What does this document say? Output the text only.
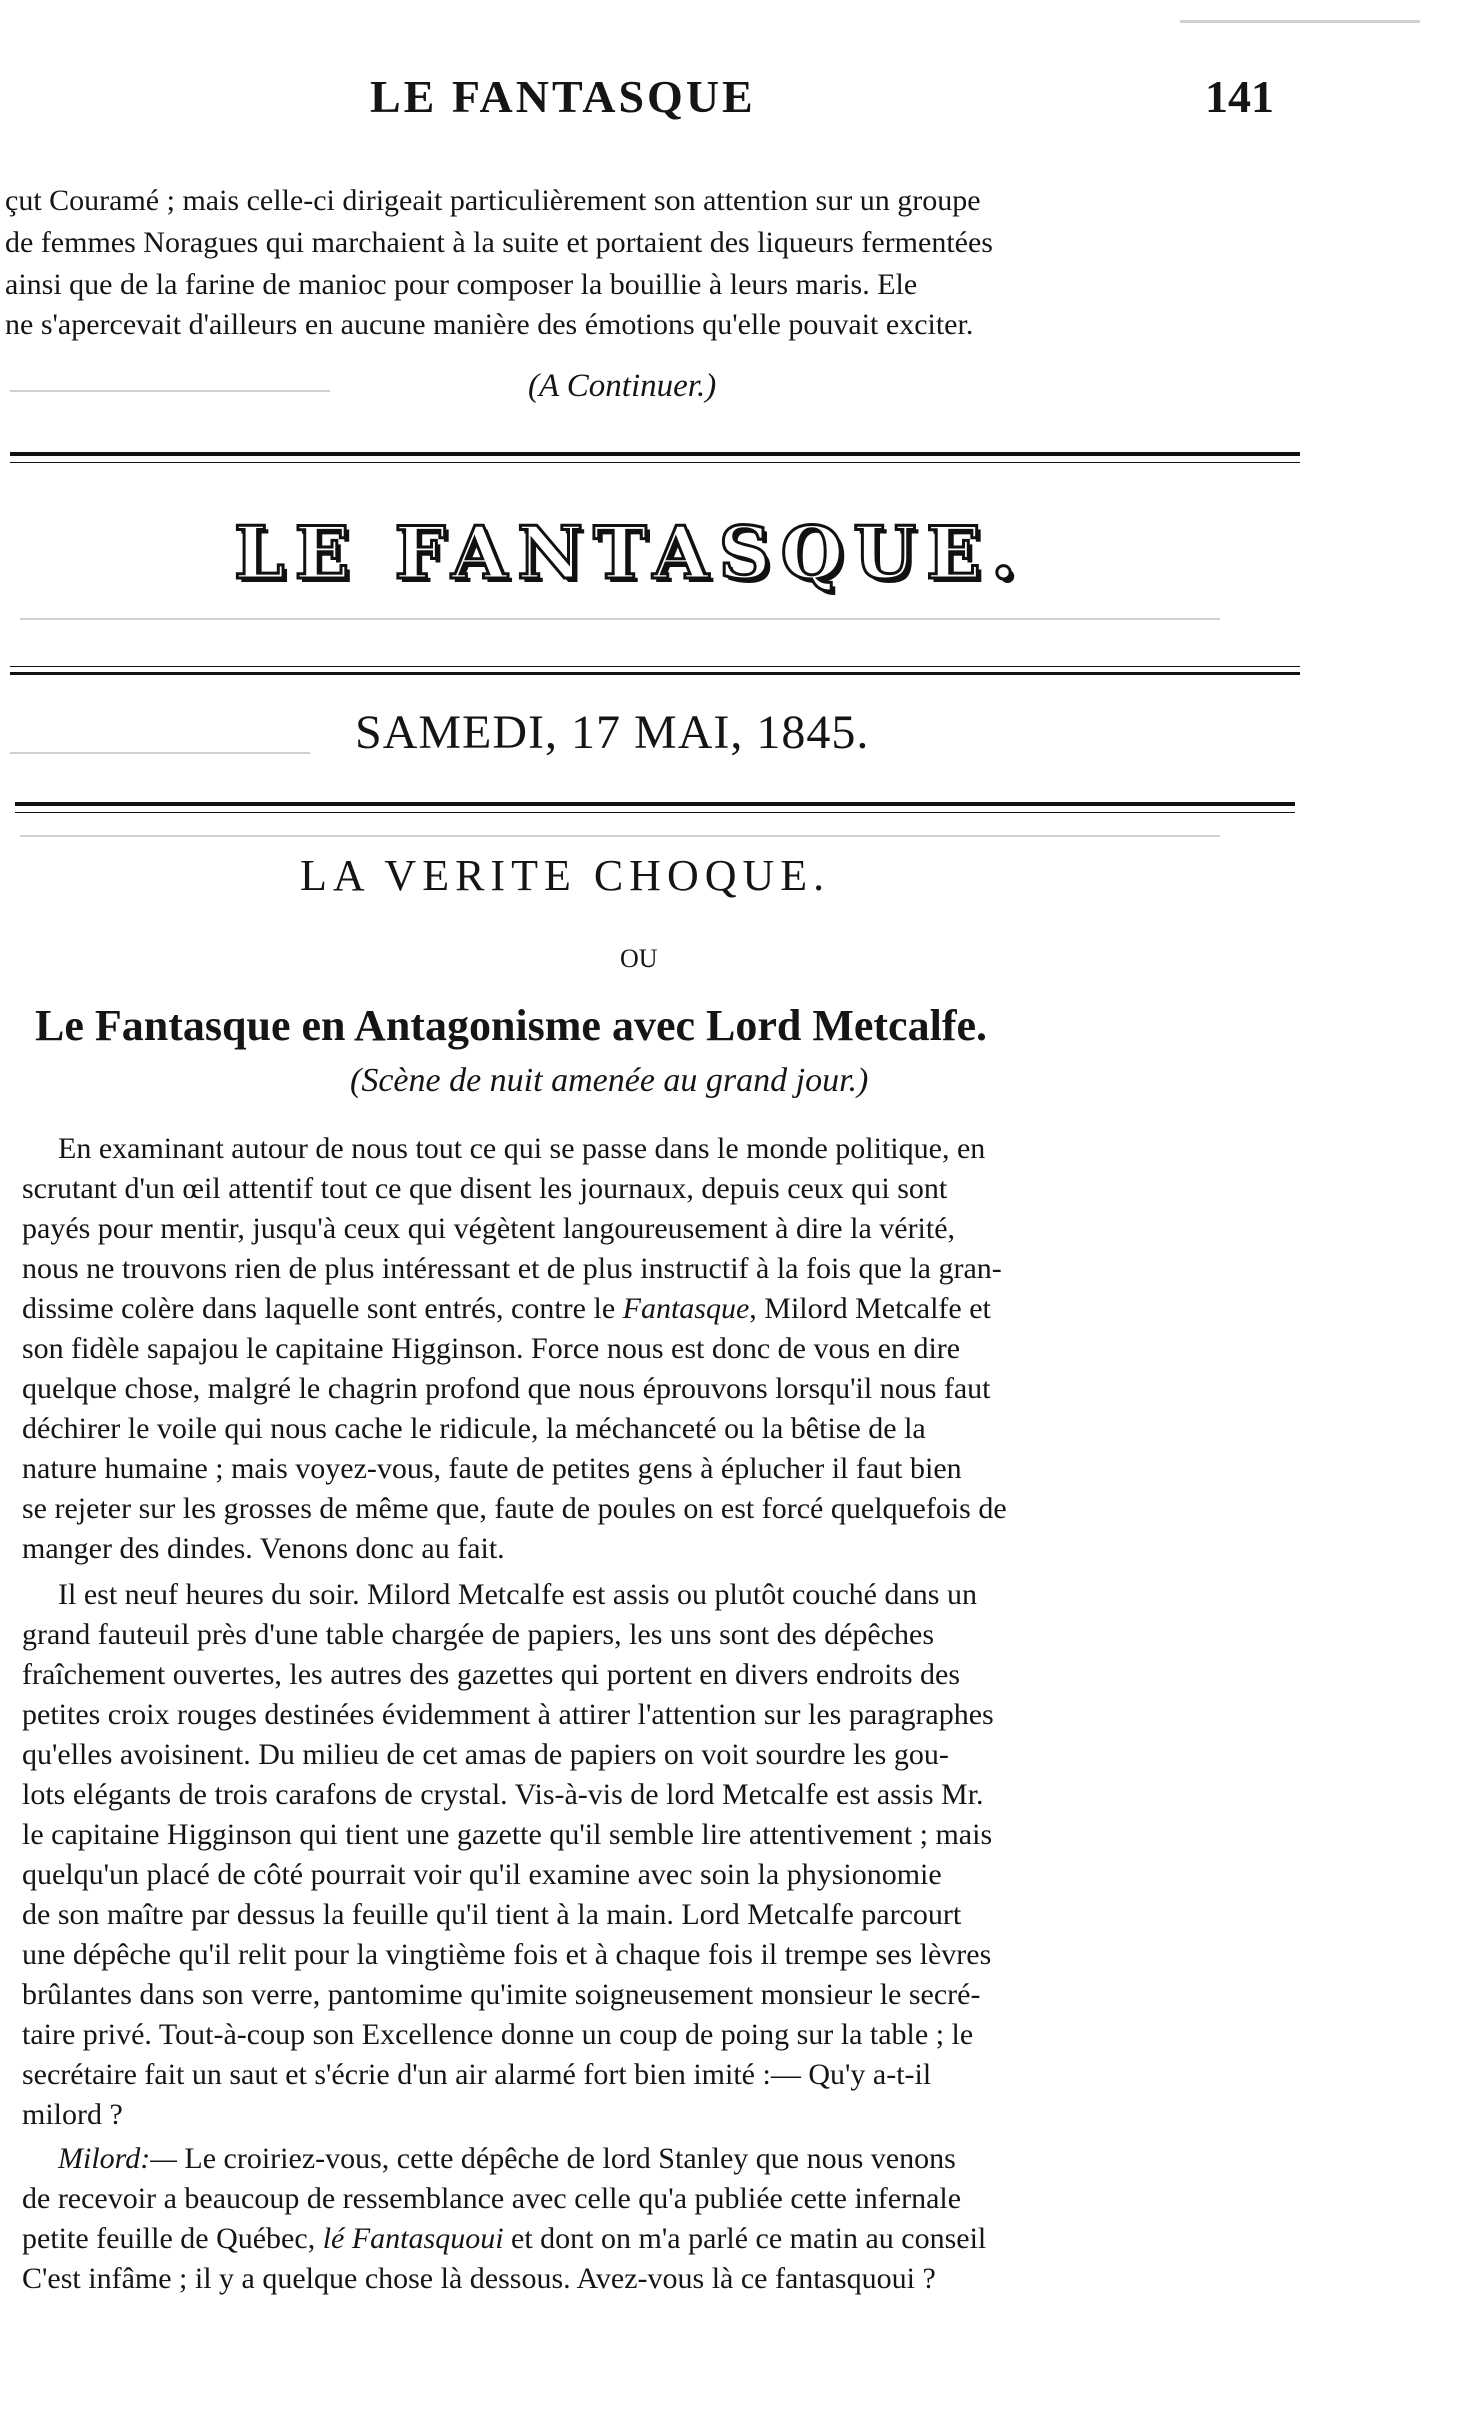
LE FANTASQUE	141
çut Couramé ; mais celle-ci dirigeait particulièrement son attention sur un groupe
de femmes Noragues qui marchaient à la suite et portaient des liqueurs fermentées
ainsi que de la farine de manioc pour composer la bouillie à leurs maris. Ele
ne s'apercevait d'ailleurs en aucune manière des émotions qu'elle pouvait exciter.
(A Continuer.)
LE FANTASQUE.
SAMEDI, 17 MAI, 1845.
LA VERITE CHOQUE.
OU
Le Fantasque en Antagonisme avec Lord Metcalfe.
(Scène de nuit amenée au grand jour.)
En examinant autour de nous tout ce qui se passe dans le monde politique, en
scrutant d'un œil attentif tout ce que disent les journaux, depuis ceux qui sont
payés pour mentir, jusqu'à ceux qui végètent langoureusement à dire la vérité,
nous ne trouvons rien de plus intéressant et de plus instructif à la fois que la gran-
dissime colère dans laquelle sont entrés, contre le Fantasque, Milord Metcalfe et
son fidèle sapajou le capitaine Higginson. Force nous est donc de vous en dire
quelque chose, malgré le chagrin profond que nous éprouvons lorsqu'il nous faut
déchirer le voile qui nous cache le ridicule, la méchanceté ou la bêtise de la
nature humaine ; mais voyez-vous, faute de petites gens à éplucher il faut bien
se rejeter sur les grosses de même que, faute de poules on est forcé quelquefois de
manger des dindes. Venons donc au fait.
Il est neuf heures du soir. Milord Metcalfe est assis ou plutôt couché dans un
grand fauteuil près d'une table chargée de papiers, les uns sont des dépêches
fraîchement ouvertes, les autres des gazettes qui portent en divers endroits des
petites croix rouges destinées évidemment à attirer l'attention sur les paragraphes
qu'elles avoisinent. Du milieu de cet amas de papiers on voit sourdre les gou-
lots elégants de trois carafons de crystal. Vis-à-vis de lord Metcalfe est assis Mr.
le capitaine Higginson qui tient une gazette qu'il semble lire attentivement ; mais
quelqu'un placé de côté pourrait voir qu'il examine avec soin la physionomie
de son maître par dessus la feuille qu'il tient à la main. Lord Metcalfe parcourt
une dépêche qu'il relit pour la vingtième fois et à chaque fois il trempe ses lèvres
brûlantes dans son verre, pantomime qu'imite soigneusement monsieur le secré-
taire privé. Tout-à-coup son Excellence donne un coup de poing sur la table ; le
secrétaire fait un saut et s'écrie d'un air alarmé fort bien imité :— Qu'y a-t-il
milord ?
Milord:— Le croiriez-vous, cette dépêche de lord Stanley que nous venons
de recevoir a beaucoup de ressemblance avec celle qu'a publiée cette infernale
petite feuille de Québec, lé Fantasquoui et dont on m'a parlé ce matin au conseil
C'est infâme ; il y a quelque chose là dessous. Avez-vous là ce fantasquoui ?
